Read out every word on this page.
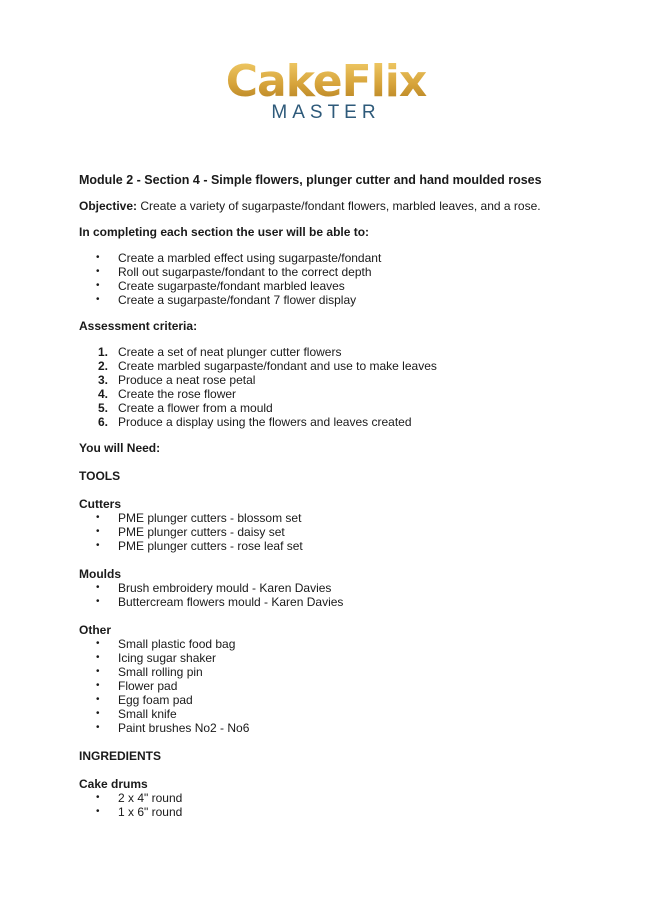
CakeFlix
MASTER

Module 2 - Section 4 - Simple flowers, plunger cutter and hand moulded roses

Objective: Create a variety of sugarpaste/fondant flowers, marbled leaves, and a rose.

In completing each section the user will be able to:

• Create a marbled effect using sugarpaste/fondant
• Roll out sugarpaste/fondant to the correct depth
• Create sugarpaste/fondant marbled leaves
• Create a sugarpaste/fondant 7 flower display

Assessment criteria:

1. Create a set of neat plunger cutter flowers
2. Create marbled sugarpaste/fondant and use to make leaves
3. Produce a neat rose petal
4. Create the rose flower
5. Create a flower from a mould
6. Produce a display using the flowers and leaves created

You will Need:

TOOLS

Cutters

• PME plunger cutters - blossom set
• PME plunger cutters - daisy set
• PME plunger cutters - rose leaf set

Moulds

• Brush embroidery mould - Karen Davies
• Buttercream flowers mould - Karen Davies

Other

• Small plastic food bag
• Icing sugar shaker
• Small rolling pin
• Flower pad
• Egg foam pad
• Small knife
• Paint brushes No2 - No6

INGREDIENTS

Cake drums

• 2 x 4" round
• 1 x 6" round
